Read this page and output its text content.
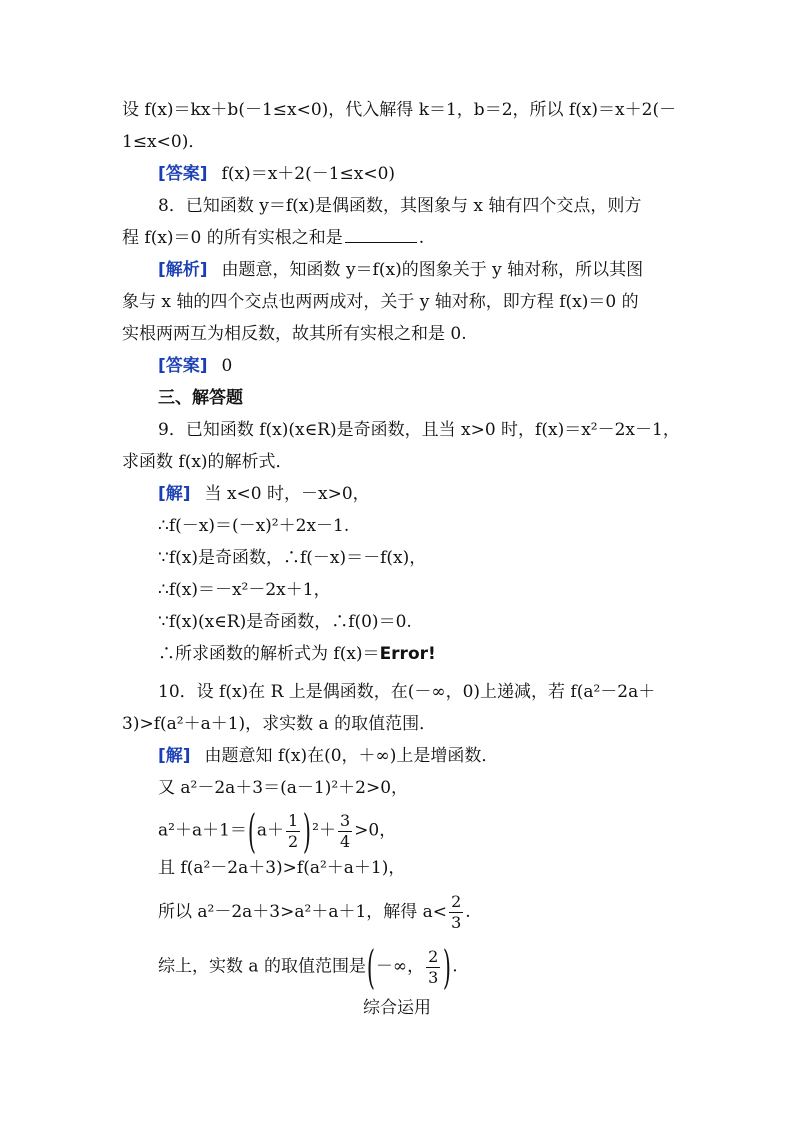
设 f(x)＝kx＋b(－1≤x<0)，代入解得 k＝1，b＝2，所以 f(x)＝x＋2(－
1≤x<0)．
[答案] f(x)＝x＋2(－1≤x<0)
8．已知函数 y＝f(x)是偶函数，其图象与 x 轴有四个交点，则方
程 f(x)＝0 的所有实根之和是	.
[解析] 由题意，知函数 y＝f(x)的图象关于 y 轴对称，所以其图
象与 x 轴的四个交点也两两成对，关于 y 轴对称，即方程 f(x)＝0 的
实根两两互为相反数，故其所有实根之和是 0.
[答案] 0
三、解答题
9．已知函数 f(x)(x∈R)是奇函数，且当 x>0 时，f(x)＝x²－2x－1，
求函数 f(x)的解析式．
[解] 当 x<0 时，－x>0，
∴f(－x)＝(－x)²＋2x－1.
∵f(x)是奇函数，∴f(－x)＝－f(x)，
∴f(x)＝－x²－2x＋1，
∵f(x)(x∈R)是奇函数，∴f(0)＝0.
∴所求函数的解析式为 f(x)＝Error!
10．设 f(x)在 R 上是偶函数，在(－∞，0)上递减，若 f(a²－2a＋
3)>f(a²＋a＋1)，求实数 a 的取值范围．
[解] 由题意知 f(x)在(0，＋∞)上是增函数．
又 a²－2a＋3＝(a－1)²＋2>0，
$a^2+a+1=(a+ \frac{1}{2} )^2+ \frac{3}{4} >0$，
且 f(a²－2a＋3)>f(a²＋a＋1)，
所以 a²－2a＋3>a²＋a＋1，解得 $a< \frac{2}{3}$ .
综上，实数 a 的取值范围是(－∞， $\frac{2}{3}$ ).
综合运用
